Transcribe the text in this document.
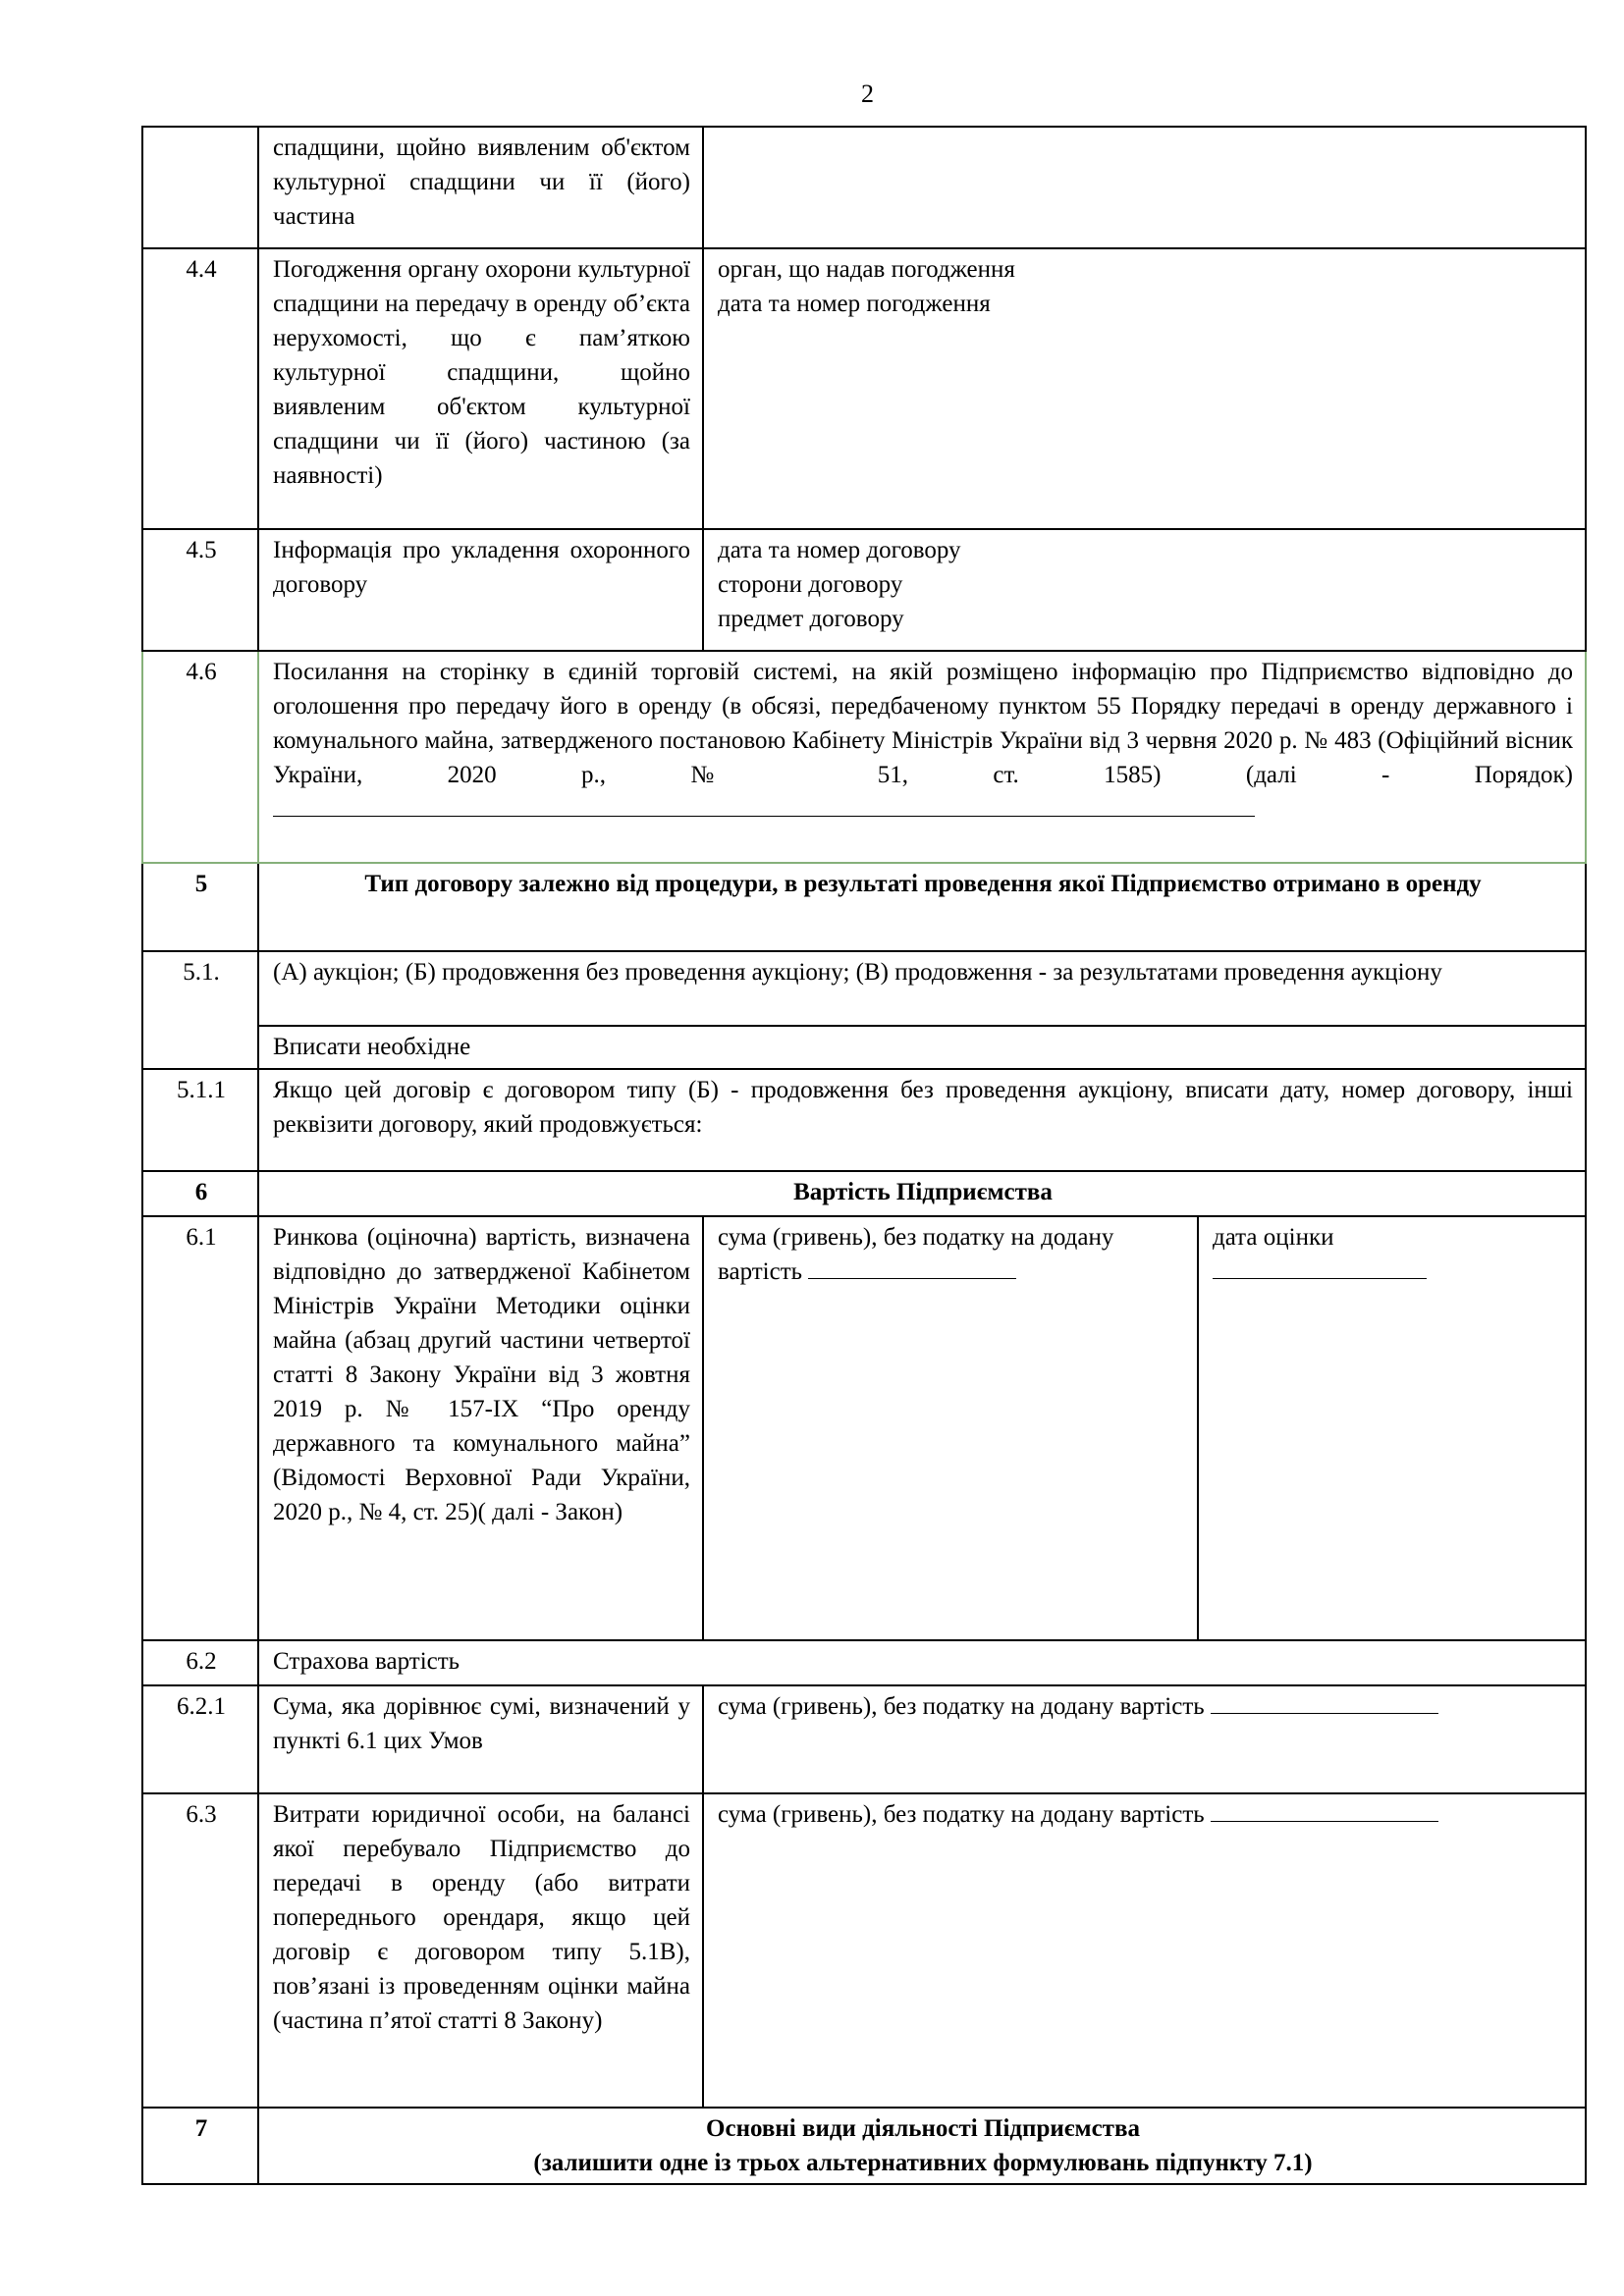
2
	спадщини, щойно виявленим об'єктом культурної спадщини чи її (його) частина		
4.4	Погодження органу охорони культурної спадщини на передачу в оренду об’єкта нерухомості, що є пам’яткою культурної спадщини, щойно виявленим об'єктом культурної спадщини чи її (його) частиною (за наявності)	орган, що надав погодження
дата та номер погодження	

4.5	Інформація про укладення охоронного договору	дата та номер договору
сторони договору
предмет договору	

4.6	Посилання на сторінку в єдиній торговій системі, на якій розміщено інформацію про Підприємство відповідно до оголошення про передачу його в оренду (в обсязі, передбаченому пунктом 55 Порядку передачі в оренду державного і комунального майна, затвердженого постановою Кабінету Міністрів України від 3 червня 2020 р. № 483 (Офіційний вісник України, 2020 р., № 51, ст. 1585) (далі - Порядок)		
5	Тип договору залежно від процедури, в результаті проведення якої Підприємство отримано в оренду		
5.1.	(А) аукціон; (Б) продовження без проведення аукціону; (В) продовження - за результатами проведення аукціону		
	Вписати необхідне		
5.1.1	Якщо цей договір є договором типу (Б) - продовження без проведення аукціону, вписати дату, номер договору, інші реквізити договору, який продовжується:		
6	Вартість Підприємства		
6.1	Ринкова (оціночна) вартість, визначена відповідно до затвердженої Кабінетом Міністрів України Методики оцінки майна (абзац другий частини четвертої статті 8 Закону України від 3 жовтня 2019 р. № 157-IX “Про оренду державного та комунального майна” (Відомості Верховної Ради України, 2020 р., № 4, ст. 25)( далі - Закон)	сума (гривень), без податку на додану вартість	дата оцінки

6.2	Страхова вартість		
6.2.1	Сума, яка дорівнює сумі, визначений у пункті 6.1 цих Умов	сума (гривень), без податку на додану вартість	
6.3	Витрати юридичної особи, на балансі якої перебувало Підприємство до передачі в оренду (або витрати попереднього орендаря, якщо цей договір є договором типу 5.1В), пов’язані із проведенням оцінки майна (частина п’ятої статті 8 Закону)	сума (гривень), без податку на додану вартість	
7	Основні види діяльності Підприємства
(залишити одне із трьох альтернативних формулювань підпункту 7.1)		
